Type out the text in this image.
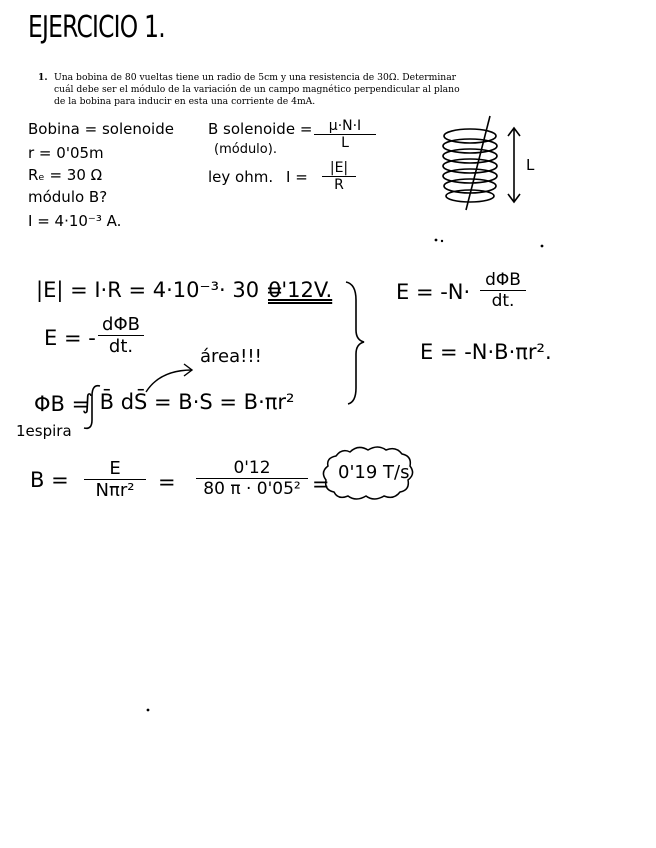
EJERCICIO 1.
1. Una bobina de 80 vueltas tiene un radio de 5cm y una resistencia de 30Ω. Determinar
cuál debe ser el módulo de la variación de un campo magnético perpendicular al plano
de la bobina para inducir en esta una corriente de 4mA.
Bobina = solenoide
r = 0'05m
Rₑ = 30 Ω
módulo B?
I = 4·10⁻³ A.
B solenoide =
(módulo).	$\frac{\mu\cdot N\cdot I}{L}$
ley ohm. $I = \frac{|E|}{R}$	L
|E| = I·R = 4·10⁻³· 30 =
0'12V.
E = -
dΦB
dt.	área!!!
ΦB =
∫ B̄ dS̄ = B·S = B·πr²
1espira
E = -N· dΦB
dt.
E = -N·B·πr².
B =	E
Nπr²	= $\frac{0'12}{\text{80 π · 0'05²}} = 0'19$ T/s
